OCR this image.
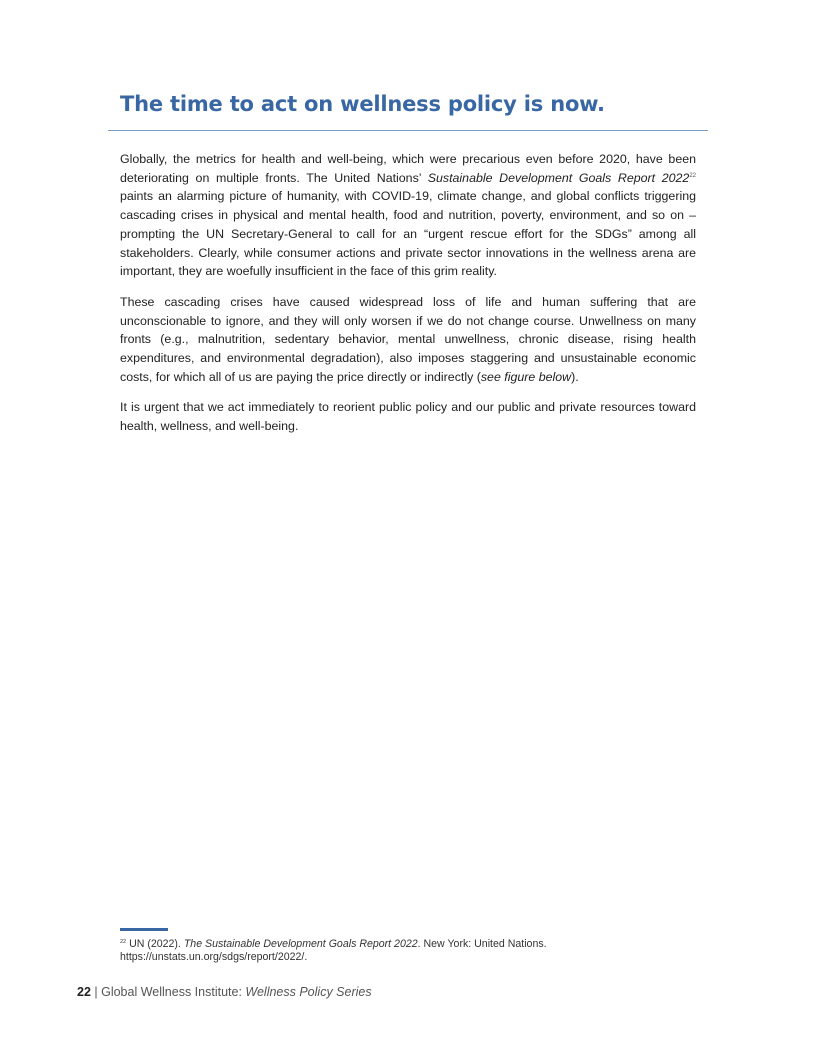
The time to act on wellness policy is now.

Globally, the metrics for health and well-being, which were precarious even before 2020, have been deteriorating on multiple fronts. The United Nations’ Sustainable Development Goals Report 2022$^{22}$ paints an alarming picture of humanity, with COVID-19, climate change, and global conflicts triggering cascading crises in physical and mental health, food and nutrition, poverty, environment, and so on – prompting the UN Secretary-General to call for an “urgent rescue effort for the SDGs” among all stakeholders. Clearly, while consumer actions and private sector innovations in the wellness arena are important, they are woefully insufficient in the face of this grim reality.

These cascading crises have caused widespread loss of life and human suffering that are unconscionable to ignore, and they will only worsen if we do not change course. Unwellness on many fronts (e.g., malnutrition, sedentary behavior, mental unwellness, chronic disease, rising health expenditures, and environmental degradation), also imposes staggering and unsustainable economic costs, for which all of us are paying the price directly or indirectly (see figure below).

It is urgent that we act immediately to reorient public policy and our public and private resources toward health, wellness, and well-being.

$^{22}$ UN (2022). The Sustainable Development Goals Report 2022. New York: United Nations. https://unstats.un.org/sdgs/report/2022/.
22 | Global Wellness Institute: Wellness Policy Series
